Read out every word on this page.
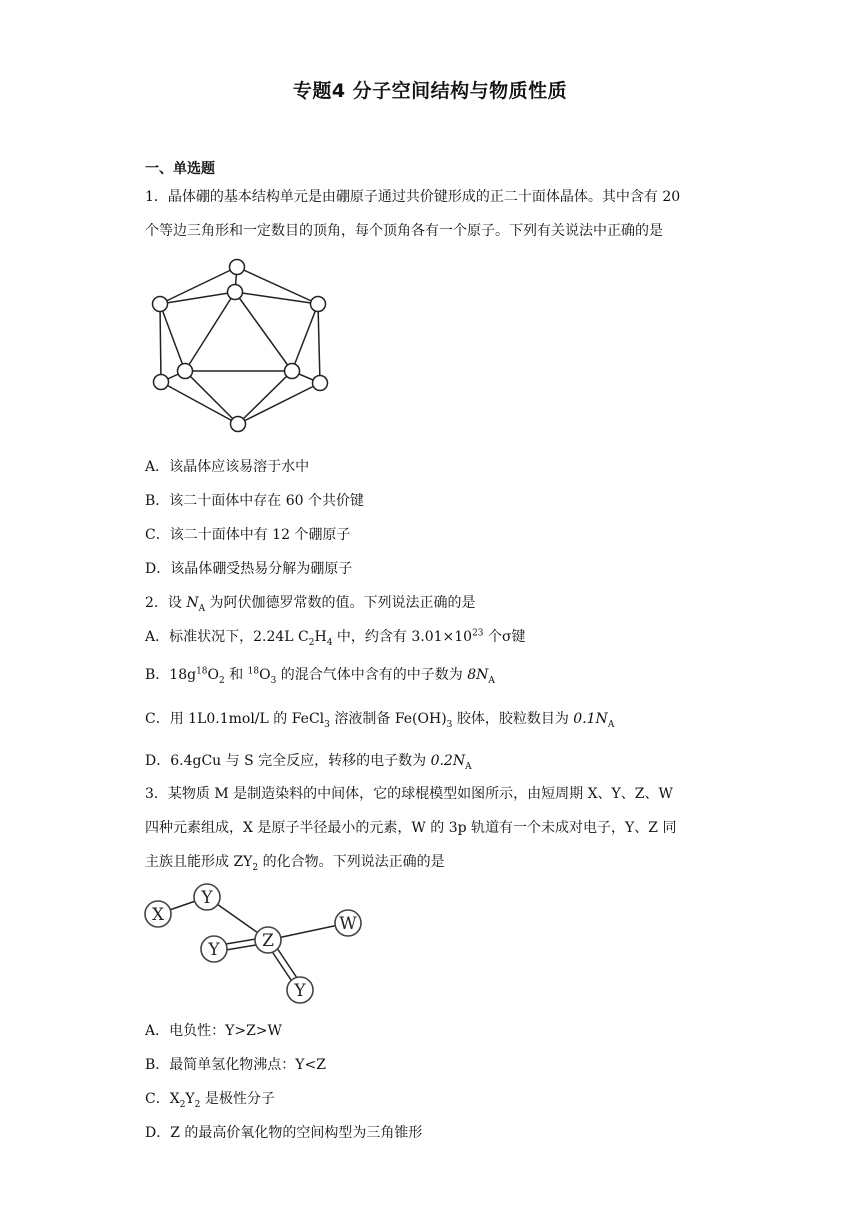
专题4 分子空间结构与物质性质
一、单选题
1．晶体硼的基本结构单元是由硼原子通过共价键形成的正二十面体晶体。其中含有 20
个等边三角形和一定数目的顶角，每个顶角各有一个原子。下列有关说法中正确的是
A．该晶体应该易溶于水中
B．该二十面体中存在 60 个共价键
C．该二十面体中有 12 个硼原子
D．该晶体硼受热易分解为硼原子
2．设 $N_A$ 为阿伏伽德罗常数的值。下列说法正确的是
A．标准状况下，2.24L $C_2H_4$ 中，约含有 $3.01\times 10^{23}$ 个σ键
B．$18g^{18}O_2$ 和 $^{18}O_3$ 的混合气体中含有的中子数为 $8N_A$
C．用 1L0.1mol/L 的 FeCl$_3$ 溶液制备 $Fe(OH)_3$ 胶体，胶粒数目为 $0.1N_A$
D．6.4gCu 与 S 完全反应，转移的电子数为 $0.2N_A$
3．某物质 M 是制造染料的中间体，它的球棍模型如图所示，由短周期 X、Y、Z、W
四种元素组成，X 是原子半径最小的元素，W 的 3p 轨道有一个未成对电子，Y、Z 同
主族且能形成 $ZY_2$ 的化合物。下列说法正确的是
X
Y
Z
W
Y
Y
A．电负性：Y>Z>W
B．最简单氢化物沸点：Y<Z
C．$X_2Y_2$ 是极性分子
D．Z 的最高价氧化物的空间构型为三角锥形
